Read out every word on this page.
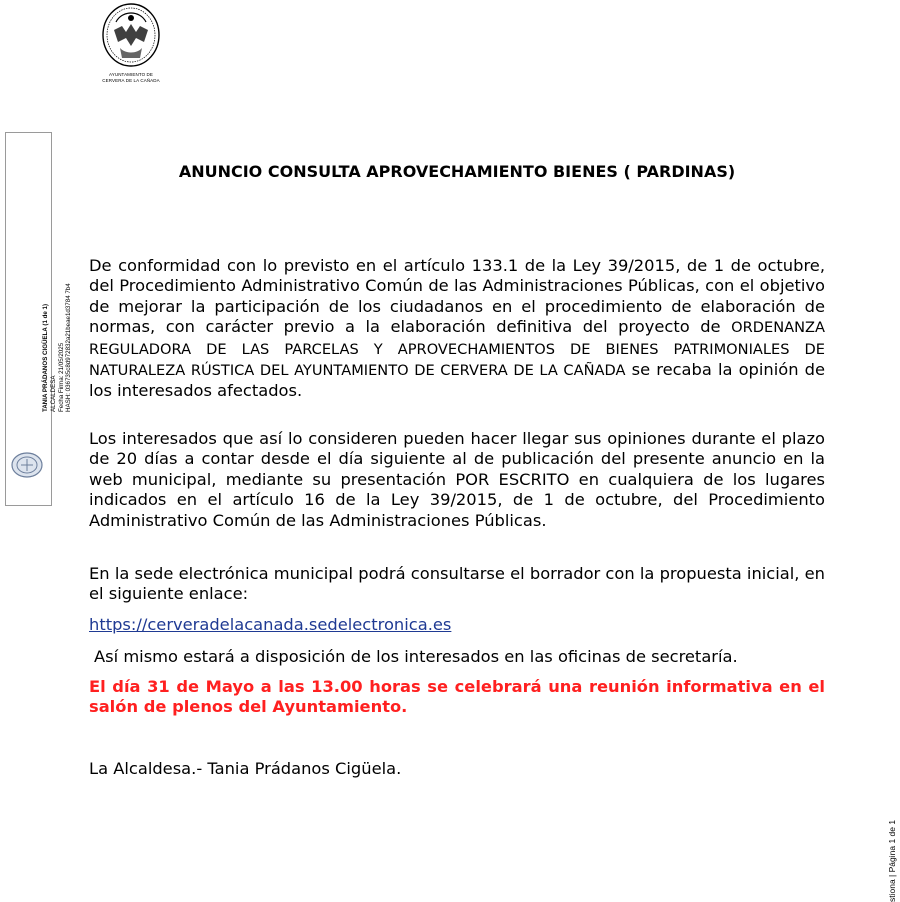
AYUNTAMIENTO DE
CERVERA DE LA CAÑADA
TANIA PRÁDANOS CIGÜELA (1 de 1) ALCALDESA Fecha Firma: 21/05/2025 HASH: 036735c8d972832a21beae1d3784 7b4
stiona | Página 1 de 1
ANUNCIO CONSULTA APROVECHAMIENTO BIENES ( PARDINAS)
De conformidad con lo previsto en el artículo 133.1 de la Ley 39/2015, de 1 de octubre, del Procedimiento Administrativo Común de las Administraciones Públicas, con el objetivo de mejorar la participación de los ciudadanos en el procedimiento de elaboración de normas, con carácter previo a la elaboración definitiva del proyecto de ORDENANZA REGULADORA DE LAS PARCELAS Y APROVECHAMIENTOS DE BIENES PATRIMONIALES DE NATURALEZA RÚSTICA DEL AYUNTAMIENTO DE CERVERA DE LA CAÑADA se recaba la opinión de los interesados afectados.
Los interesados que así lo consideren pueden hacer llegar sus opiniones durante el plazo de 20 días a contar desde el día siguiente al de publicación del presente anuncio en la web municipal, mediante su presentación POR ESCRITO en cualquiera de los lugares indicados en el artículo 16 de la Ley 39/2015, de 1 de octubre, del Procedimiento Administrativo Común de las Administraciones Públicas.
En la sede electrónica municipal podrá consultarse el borrador con la propuesta inicial, en el siguiente enlace:
https://cerveradelacanada.sedelectronica.es
Así mismo estará a disposición de los interesados en las oficinas de secretaría.
El día 31 de Mayo a las 13.00 horas se celebrará una reunión informativa en el salón de plenos del Ayuntamiento.
La Alcaldesa.- Tania Prádanos Cigüela.
